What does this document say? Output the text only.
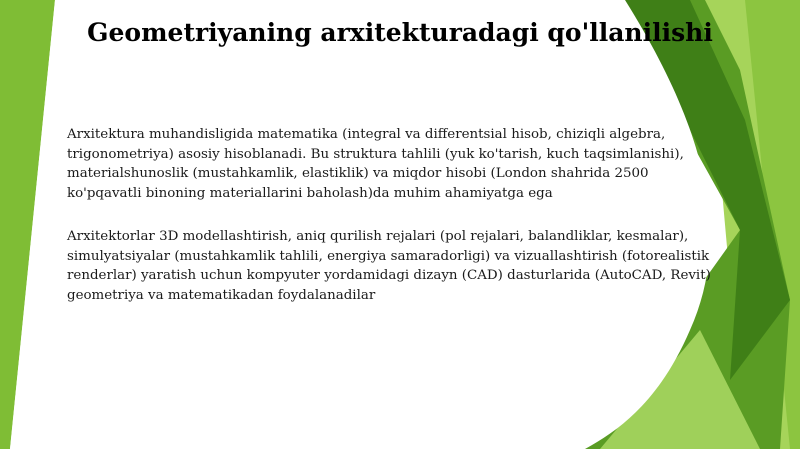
Geometriyaning arxitekturadagi qo'llanilishi

Arxitektura muhandisligida matematika (integral va differentsial hisob, chiziqli algebra, trigonometriya) asosiy hisoblanadi. Bu struktura tahlili (yuk ko'tarish, kuch taqsimlanishi), materialshunoslik (mustahkamlik, elastiklik) va miqdor hisobi (London shahrida 2500 ko'pqavatli binoning materiallarini baholash)da muhim ahamiyatga ega

Arxitektorlar 3D modellashtirish, aniq qurilish rejalari (pol rejalari, balandliklar, kesmalar), simulyatsiyalar (mustahkamlik tahlili, energiya samaradorligi) va vizuallashtirish (fotorealistik renderlar) yaratish uchun kompyuter yordamidagi dizayn (CAD) dasturlarida (AutoCAD, Revit) geometriya va matematikadan foydalanadilar
